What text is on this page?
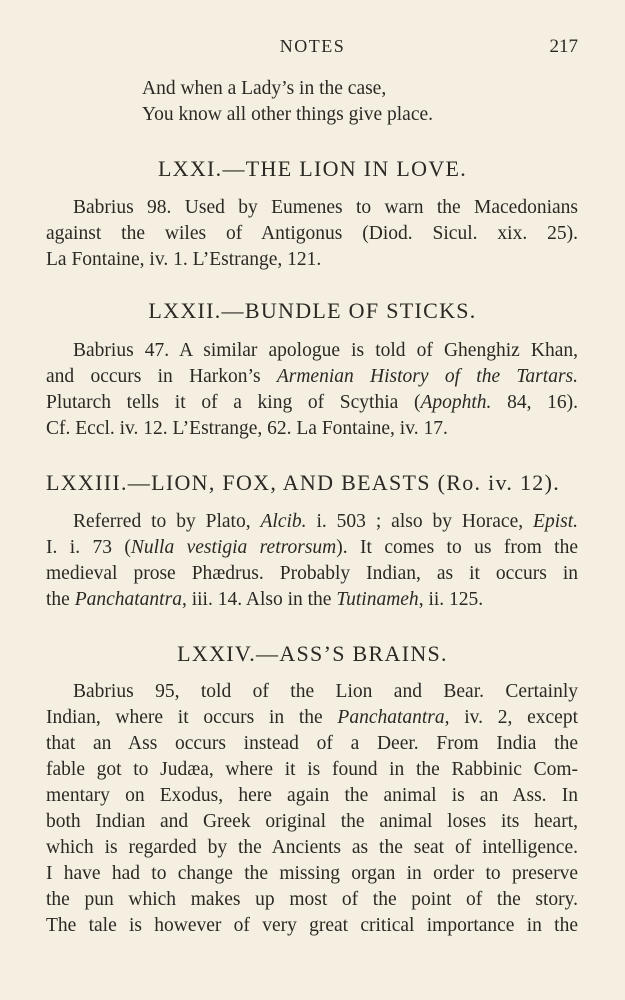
NOTES	217
And when a Lady’s in the case,
You know all other things give place.
LXXI.—THE LION IN LOVE.
Babrius 98. Used by Eumenes to warn the Macedonians
against the wiles of Antigonus (Diod. Sicul. xix. 25).
La Fontaine, iv. 1. L’Estrange, 121.
LXXII.—BUNDLE OF STICKS.
Babrius 47. A similar apologue is told of Ghenghiz Khan,
and occurs in Harkon’s Armenian History of the Tartars.
Plutarch tells it of a king of Scythia (Apophth. 84, 16).
Cf. Eccl. iv. 12. L’Estrange, 62. La Fontaine, iv. 17.
LXXIII.—LION, FOX, AND BEASTS (Ro. iv. 12).
Referred to by Plato, Alcib. i. 503 ; also by Horace, Epist.
I. i. 73 (Nulla vestigia retrorsum). It comes to us from the
medieval prose Phædrus. Probably Indian, as it occurs in
the Panchatantra, iii. 14. Also in the Tutinameh, ii. 125.
LXXIV.—ASS’S BRAINS.
Babrius 95, told of the Lion and Bear. Certainly
Indian, where it occurs in the Panchatantra, iv. 2, except
that an Ass occurs instead of a Deer. From India the
fable got to Judæa, where it is found in the Rabbinic Com-
mentary on Exodus, here again the animal is an Ass. In
both Indian and Greek original the animal loses its heart,
which is regarded by the Ancients as the seat of intelligence.
I have had to change the missing organ in order to preserve
the pun which makes up most of the point of the story.
The tale is however of very great critical importance in the
